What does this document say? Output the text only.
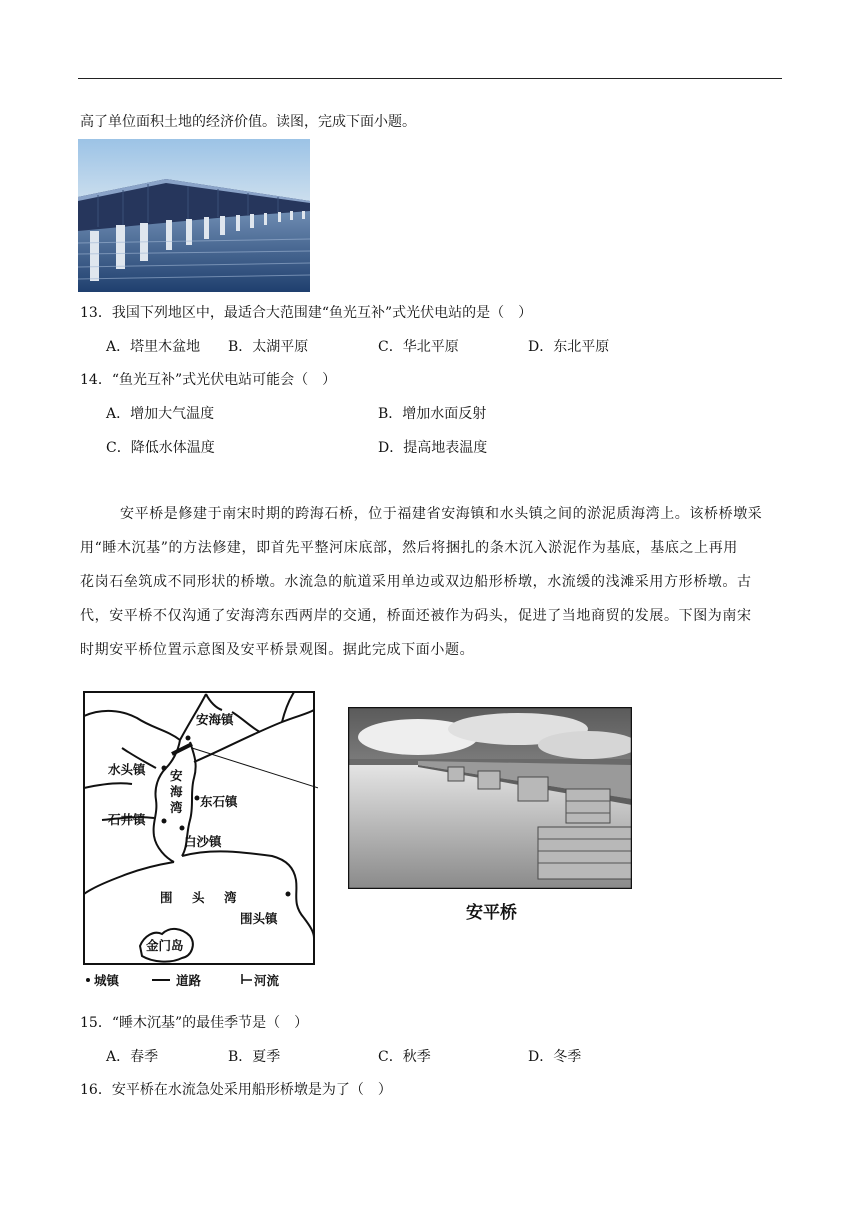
高了单位面积土地的经济价值。读图，完成下面小题。
13．我国下列地区中，最适合大范围建“鱼光互补”式光伏电站的是（　）
A．塔里木盆地 B．太湖平原	C．华北平原	D．东北平原
14．“鱼光互补”式光伏电站可能会（　）
A．增加大气温度	B．增加水面反射
C．降低水体温度	D．提高地表温度
安平桥是修建于南宋时期的跨海石桥，位于福建省安海镇和水头镇之间的淤泥质海湾上。该桥桥墩采
用“睡木沉基”的方法修建，即首先平整河床底部，然后将捆扎的条木沉入淤泥作为基底，基底之上再用
花岗石垒筑成不同形状的桥墩。水流急的航道采用单边或双边船形桥墩，水流缓的浅滩采用方形桥墩。古
代，安平桥不仅沟通了安海湾东西两岸的交通，桥面还被作为码头，促进了当地商贸的发展。下图为南宋
时期安平桥位置示意图及安平桥景观图。据此完成下面小题。
安海镇
水头镇 安
海
湾 东石镇
石井镇
白沙镇
围 头 湾
围头镇
金门岛
城镇	道路	河流
安平桥
15．“睡木沉基”的最佳季节是（　）
A．春季	B．夏季	C．秋季	D．冬季
16．安平桥在水流急处采用船形桥墩是为了（　）
